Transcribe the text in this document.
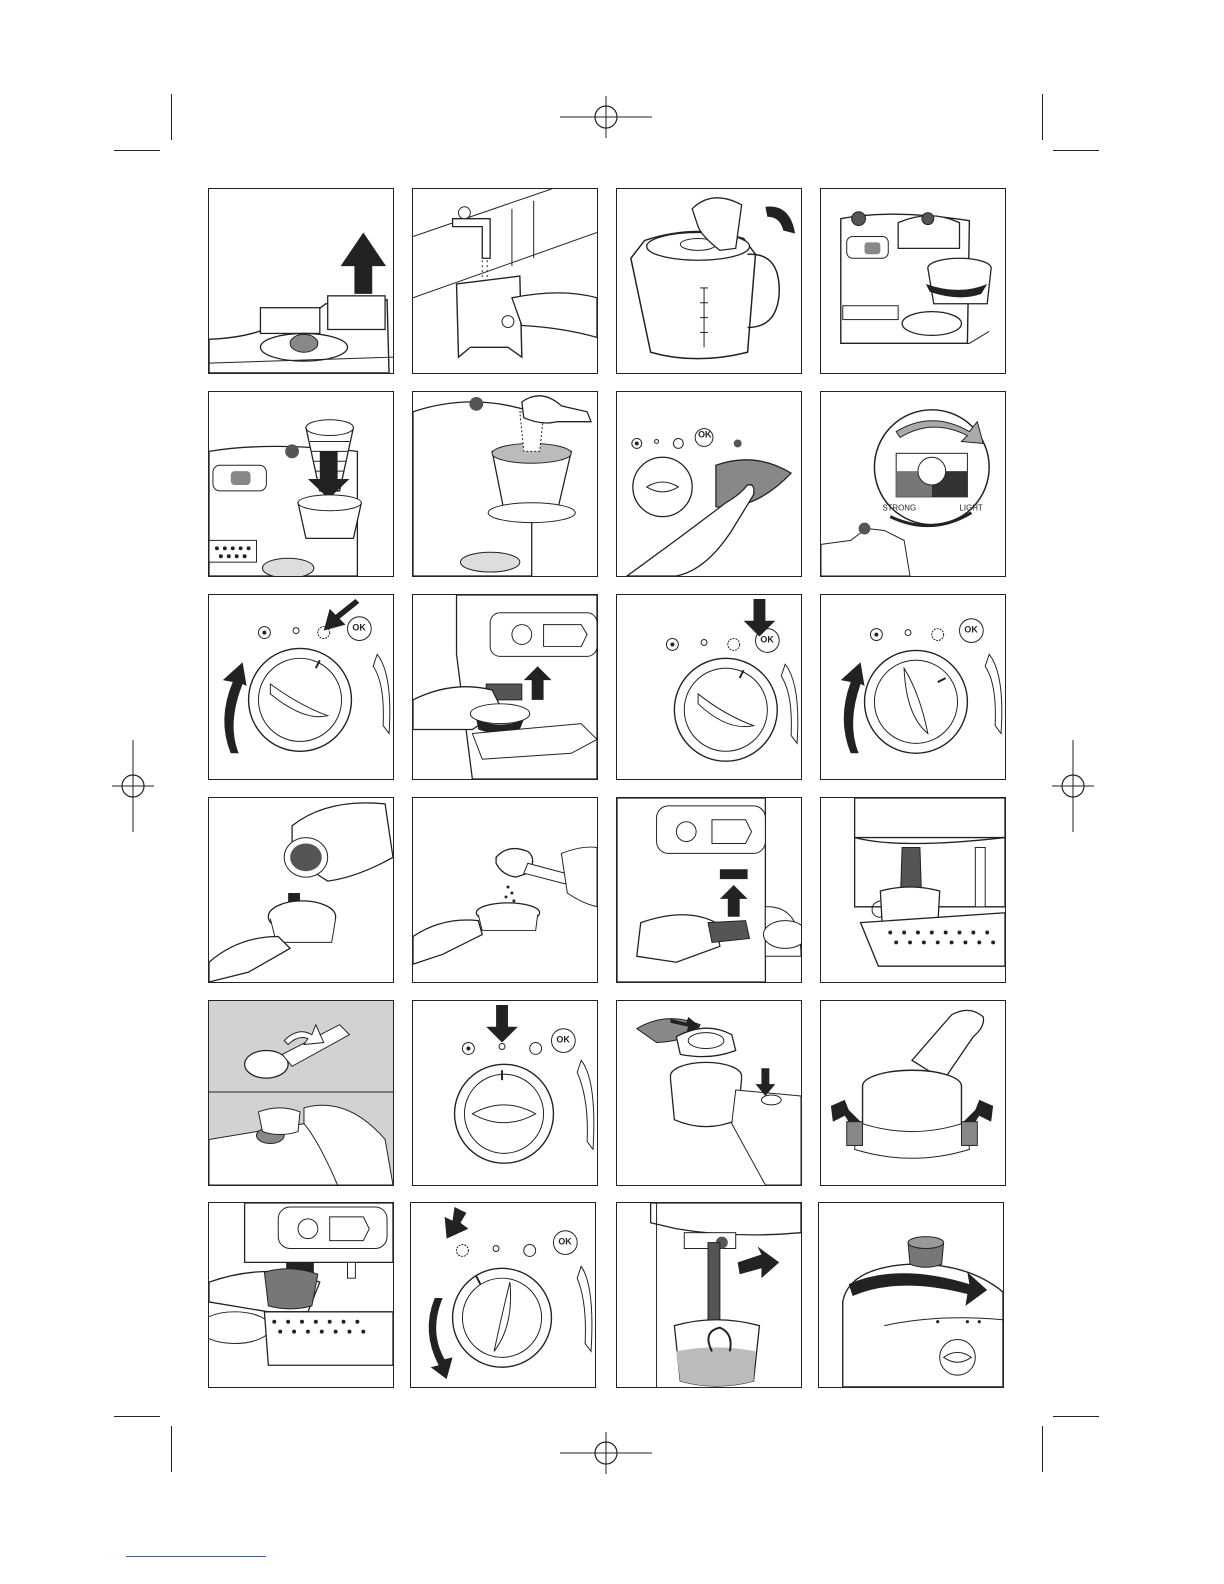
OK
STRONG	LIGHT
OK
OK
OK
OK
OK
